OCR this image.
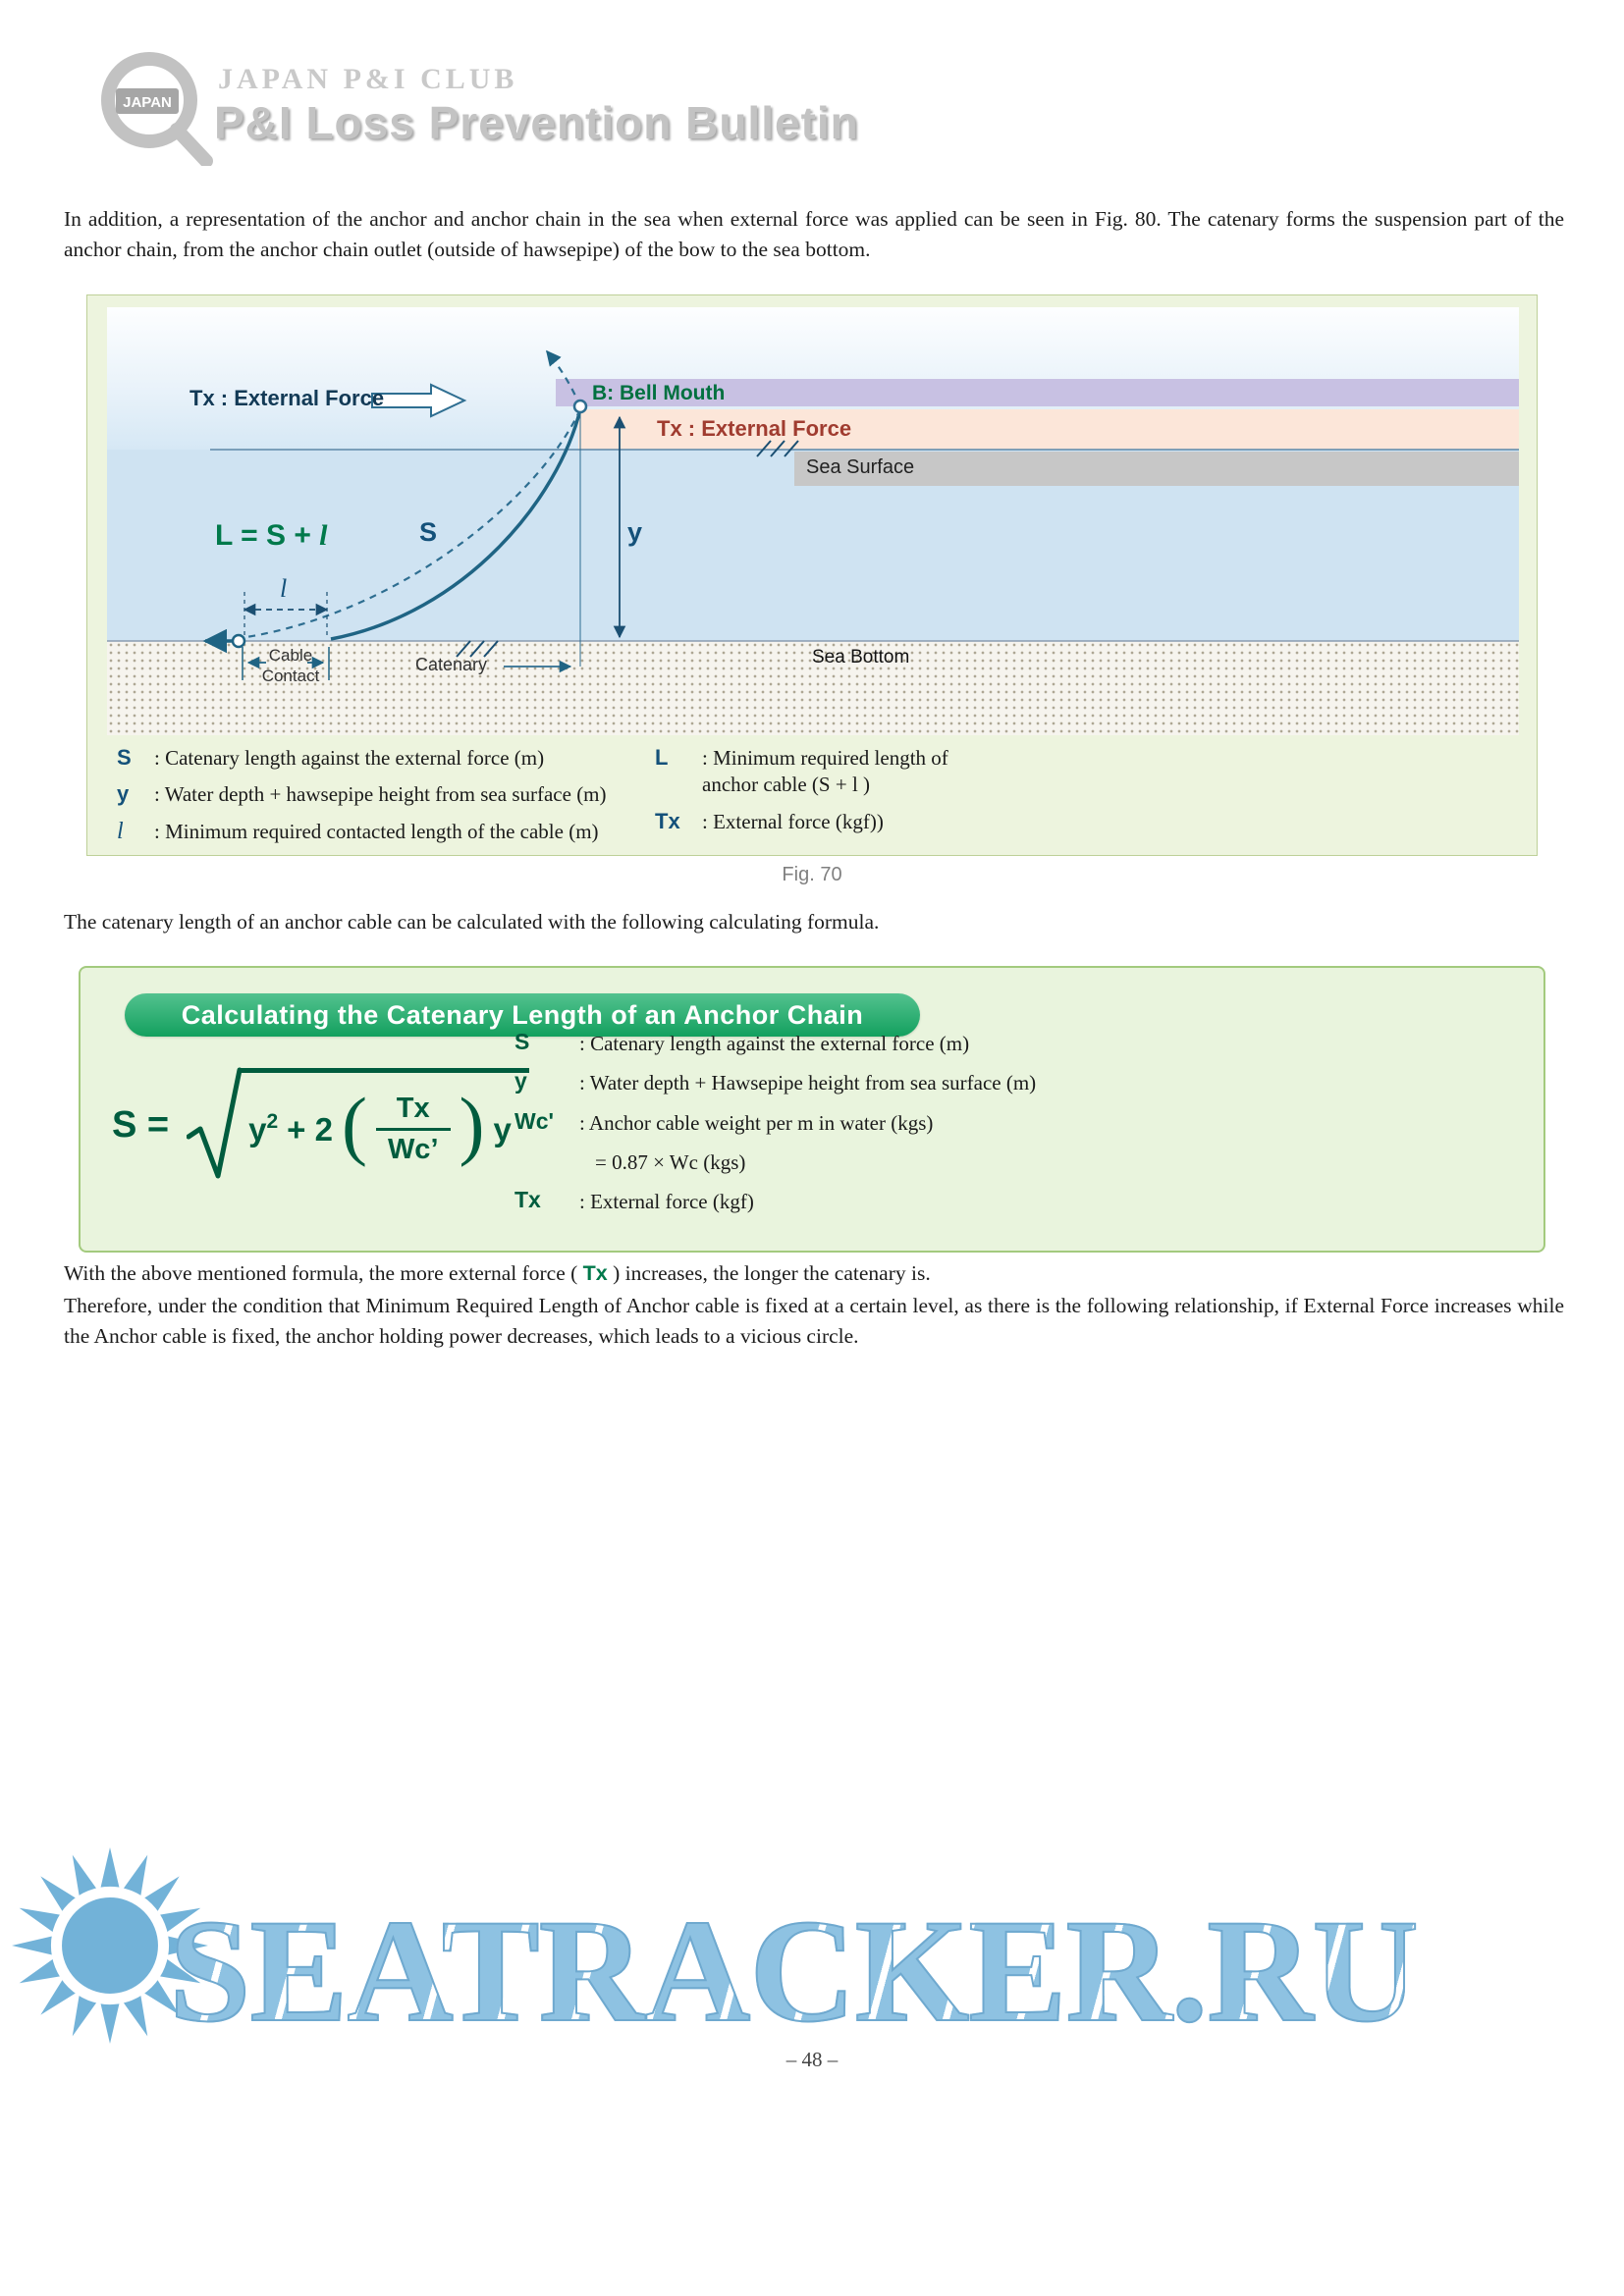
JAPAN
JAPAN P&I CLUB
P&I Loss Prevention Bulletin

In addition, a representation of the anchor and anchor chain in the sea when external force was applied can be seen in Fig. 80. The catenary forms the suspension part of the anchor chain, from the anchor chain outlet (outside of hawsepipe) of the bow to the sea bottom.

Tx : External Force	B: Bell Mouth
Tx : External Force
Sea Surface
L = S + l	S	y
l
Cable Contact
Catenary	Sea Bottom
S	: Catenary length against the external force (m)
y	: Water depth + hawsepipe height from sea surface (m)
l	: Minimum required contacted length of the cable (m)
L	: Minimum required length of anchor cable (S + l )
Tx	: External force (kgf))
Fig. 70

The catenary length of an anchor cable can be calculated with the following calculating formula.

Calculating the Catenary Length of an Anchor Chain
$S = y^2 + 2$ ( $\frac{Tx}{Wc’}$ ) y
S	: Catenary length against the external force (m)
y	: Water depth + Hawsepipe height from sea surface (m)
Wc'	: Anchor cable weight per m in water (kgs)
= 0.87 × Wc (kgs)
Tx	: External force (kgf)

With the above mentioned formula, the more external force ( Tx ) increases, the longer the catenary is.

Therefore, under the condition that Minimum Required Length of Anchor cable is fixed at a certain level, as there is the following relationship, if External Force increases while the Anchor cable is fixed, the anchor holding power decreases, which leads to a vicious circle.

SEATRACKER.RU
– 48 –
